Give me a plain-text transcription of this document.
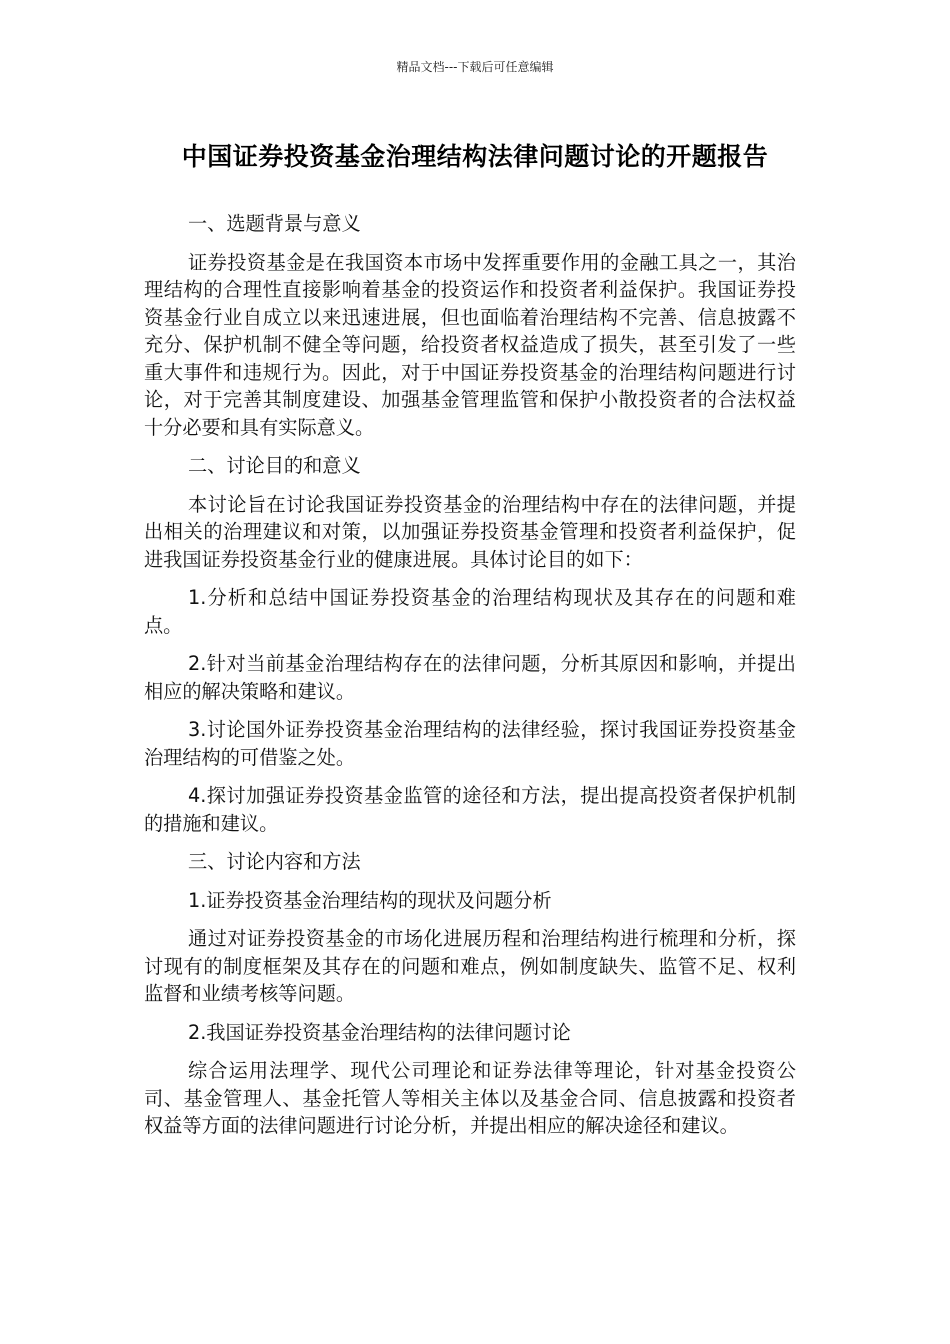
精品文档---下载后可任意编辑
中国证券投资基金治理结构法律问题讨论的开题报告

一、选题背景与意义

证券投资基金是在我国资本市场中发挥重要作用的金融工具之一，其治理结构的合理性直接影响着基金的投资运作和投资者利益保护。我国证券投资基金行业自成立以来迅速进展，但也面临着治理结构不完善、信息披露不充分、保护机制不健全等问题，给投资者权益造成了损失，甚至引发了一些重大事件和违规行为。因此，对于中国证券投资基金的治理结构问题进行讨论，对于完善其制度建设、加强基金管理监管和保护小散投资者的合法权益十分必要和具有实际意义。

二、讨论目的和意义

本讨论旨在讨论我国证券投资基金的治理结构中存在的法律问题，并提出相关的治理建议和对策，以加强证券投资基金管理和投资者利益保护，促进我国证券投资基金行业的健康进展。具体讨论目的如下：

1.分析和总结中国证券投资基金的治理结构现状及其存在的问题和难点。

2.针对当前基金治理结构存在的法律问题，分析其原因和影响，并提出相应的解决策略和建议。

3.讨论国外证券投资基金治理结构的法律经验，探讨我国证券投资基金治理结构的可借鉴之处。

4.探讨加强证券投资基金监管的途径和方法，提出提高投资者保护机制的措施和建议。

三、讨论内容和方法

1.证券投资基金治理结构的现状及问题分析

通过对证券投资基金的市场化进展历程和治理结构进行梳理和分析，探讨现有的制度框架及其存在的问题和难点，例如制度缺失、监管不足、权利监督和业绩考核等问题。

2.我国证券投资基金治理结构的法律问题讨论

综合运用法理学、现代公司理论和证券法律等理论，针对基金投资公司、基金管理人、基金托管人等相关主体以及基金合同、信息披露和投资者权益等方面的法律问题进行讨论分析，并提出相应的解决途径和建议。
